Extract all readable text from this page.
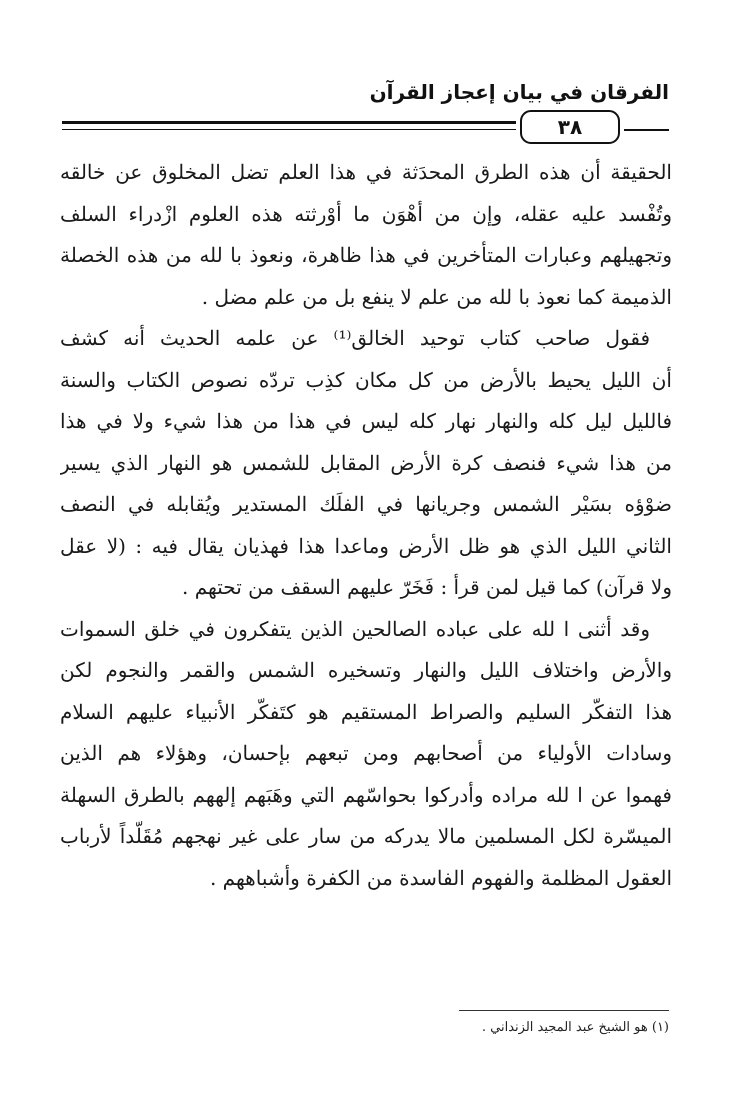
الفرقان في بيان إعجاز القرآن
٣٨
الحقيقة أن هذه الطرق المحدَثة في هذا العلم تضل المخلوق عن خالقه
وتُفْسد عليه عقله، وإن من أهْوَن ما أوْرثته هذه العلوم ازْدراء السلف
وتجهيلهم وعبارات المتأخرين في هذا ظاهرة، ونعوذ با لله من هذه الخصلة
الذميمة كما نعوذ با لله من علم لا ينفع بل من علم مضل .
فقول صاحب كتاب توحيد الخالق⁽¹⁾ عن علمه الحديث أنه كشف
أن الليل يحيط بالأرض من كل مكان كذِب تردّه نصوص الكتاب والسنة
فالليل ليل كله والنهار نهار كله ليس في هذا من هذا شيء ولا في هذا
من هذا شيء فنصف كرة الأرض المقابل للشمس هو النهار الذي يسير
ضوْؤه بسَيْر الشمس وجريانها في الفلَك المستدير ويُقابله في النصف
الثاني الليل الذي هو ظل الأرض وماعدا هذا فهذيان يقال فيه : (لا عقل
ولا قرآن) كما قيل لمن قرأ : فَخَرّ عليهم السقف من تحتهم .
وقد أثنى ا لله على عباده الصالحين الذين يتفكرون في خلق السموات
والأرض واختلاف الليل والنهار وتسخيره الشمس والقمر والنجوم لكن
هذا التفكّر السليم والصراط المستقيم هو كتَفكّر الأنبياء عليهم السلام
وسادات الأولياء من أصحابهم ومن تبعهم بإحسان، وهؤلاء هم الذين
فهموا عن ا لله مراده وأدركوا بحواسّهم التي وهَبَهم إلههم بالطرق السهلة
الميسّرة لكل المسلمين مالا يدركه من سار على غير نهجهم مُقَلّداً لأرباب
العقول المظلمة والفهوم الفاسدة من الكفرة وأشباههم .
(١) هو الشيخ عبد المجيد الزنداني .
